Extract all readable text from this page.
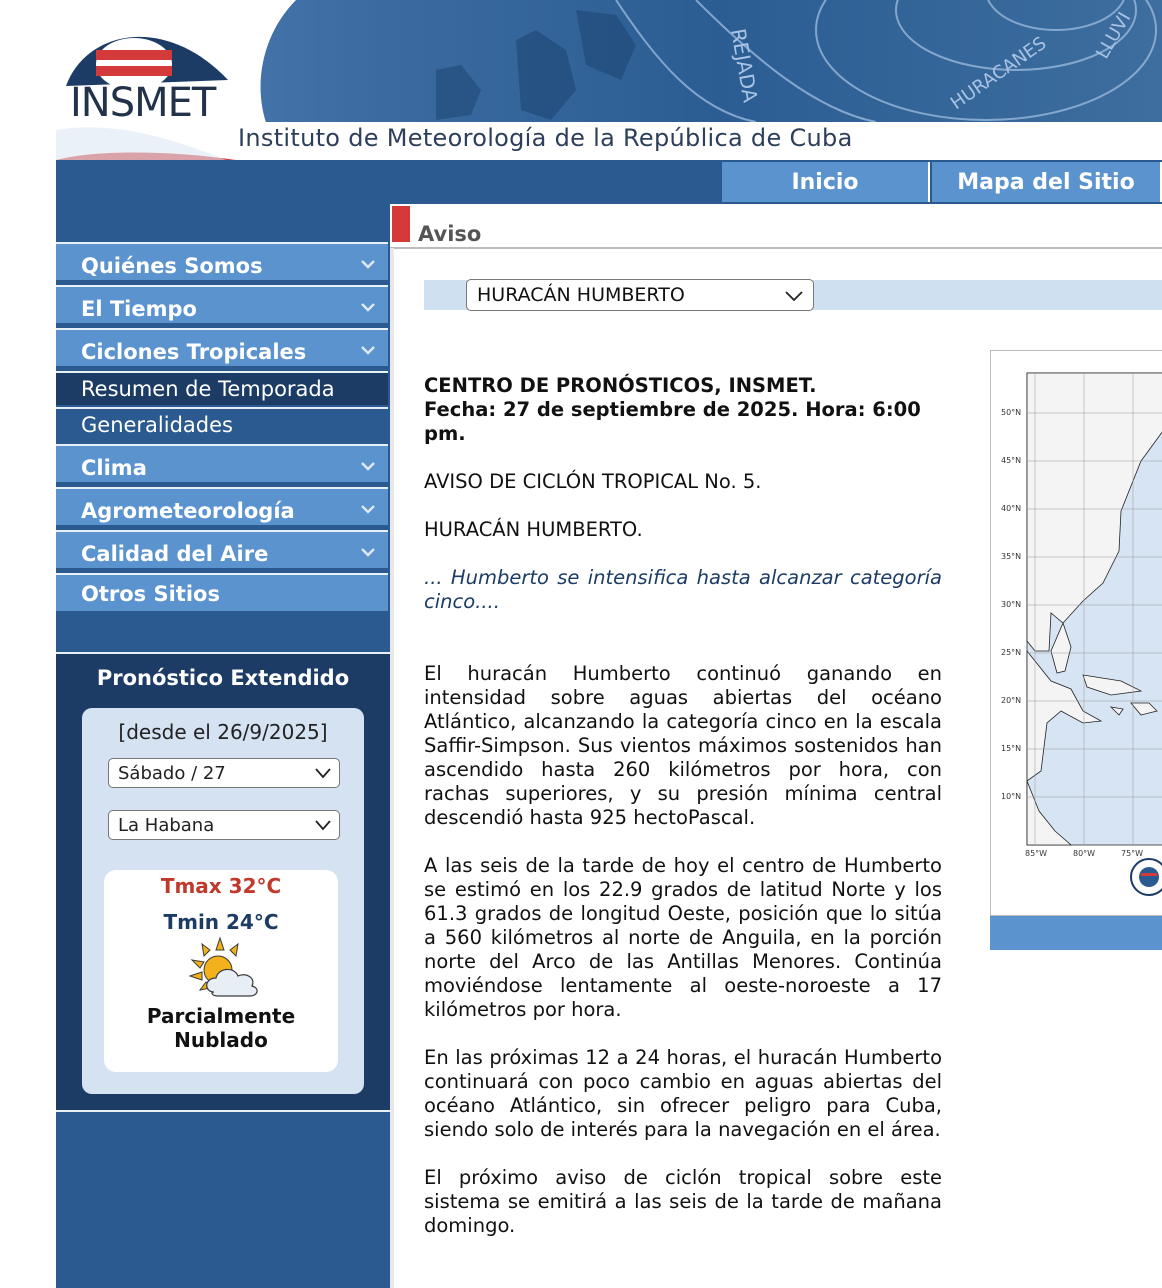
REJADA	HURACANES LLUVI
INSMET
Instituto de Meteorología de la República de Cuba
Inicio	Mapa del Sitio
Quiénes Somos
El Tiempo
Ciclones Tropicales
Resumen de Temporada
Generalidades
Clima
Agrometeorología
Calidad del Aire
Otros Sitios
Pronóstico Extendido
[desde el 26/9/2025]
Sábado / 27
La Habana
Tmax 32°C
Tmin 24°C
Parcialmente
Nublado
Aviso
HURACÁN HUMBERTO

CENTRO DE PRONÓSTICOS, INSMET.
Fecha: 27 de septiembre de 2025. Hora: 6:00 pm.

AVISO DE CICLÓN TROPICAL No. 5.

HURACÁN HUMBERTO.

... Humberto se intensifica hasta alcanzar categoría cinco....

El huracán Humberto continuó ganando en intensidad sobre aguas abiertas del océano Atlántico, alcanzando la categoría cinco en la escala Saffir-Simpson. Sus vientos máximos sostenidos han ascendido hasta 260 kilómetros por hora, con rachas superiores, y su presión mínima central descendió hasta 925 hectoPascal.

A las seis de la tarde de hoy el centro de Humberto se estimó en los 22.9 grados de latitud Norte y los 61.3 grados de longitud Oeste, posición que lo sitúa a 560 kilómetros al norte de Anguila, en la porción norte del Arco de las Antillas Menores. Continúa moviéndose lentamente al oeste-noroeste a 17 kilómetros por hora.

En las próximas 12 a 24 horas, el huracán Humberto continuará con poco cambio en aguas abiertas del océano Atlántico, sin ofrecer peligro para Cuba, siendo solo de interés para la navegación en el área.

El próximo aviso de ciclón tropical sobre este sistema se emitirá a las seis de la tarde de mañana domingo.

50°N
45°N
40°N
35°N
30°N
25°N
20°N
15°N
10°N
85°W	80°W	75°W
